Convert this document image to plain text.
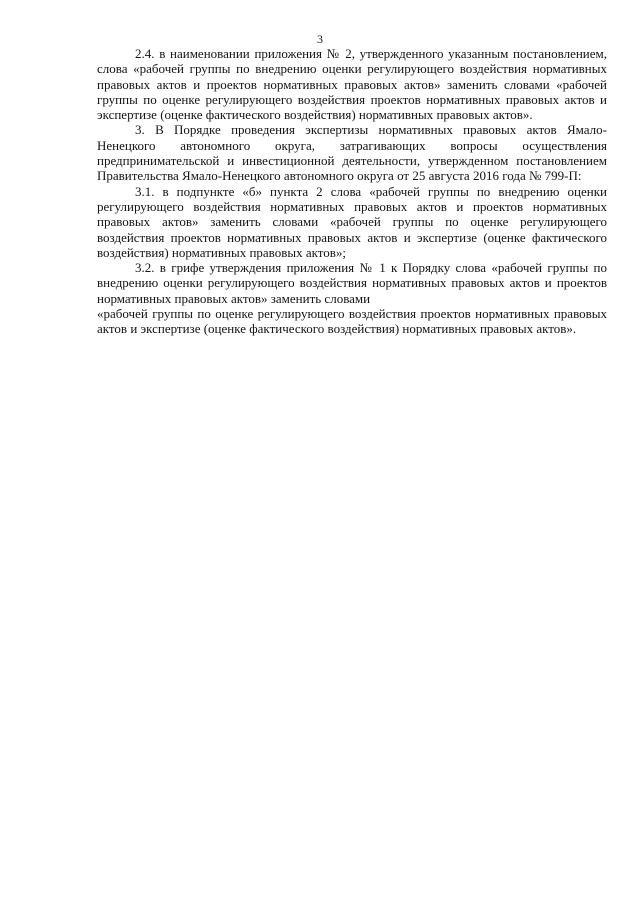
3

2.4. в наименовании приложения № 2, утвержденного указанным постановлением, слова «рабочей группы по внедрению оценки регулирующего воздействия нормативных правовых актов и проектов нормативных правовых актов» заменить словами «рабочей группы по оценке регулирующего воздействия проектов нормативных правовых актов и экспертизе (оценке фактического воздействия) нормативных правовых актов».

3. В Порядке проведения экспертизы нормативных правовых актов Ямало-Ненецкого автономного округа, затрагивающих вопросы осуществления предпринимательской и инвестиционной деятельности, утвержденном постановлением Правительства Ямало-Ненецкого автономного округа от 25 августа 2016 года № 799-П:

3.1. в подпункте «б» пункта 2 слова «рабочей группы по внедрению оценки регулирующего воздействия нормативных правовых актов и проектов нормативных правовых актов» заменить словами «рабочей группы по оценке регулирующего воздействия проектов нормативных правовых актов и экспертизе (оценке фактического воздействия) нормативных правовых актов»;

3.2. в грифе утверждения приложения № 1 к Порядку слова «рабочей группы по внедрению оценки регулирующего воздействия нормативных правовых актов и проектов нормативных правовых актов» заменить словами

«рабочей группы по оценке регулирующего воздействия проектов нормативных правовых актов и экспертизе (оценке фактического воздействия) нормативных правовых актов».
